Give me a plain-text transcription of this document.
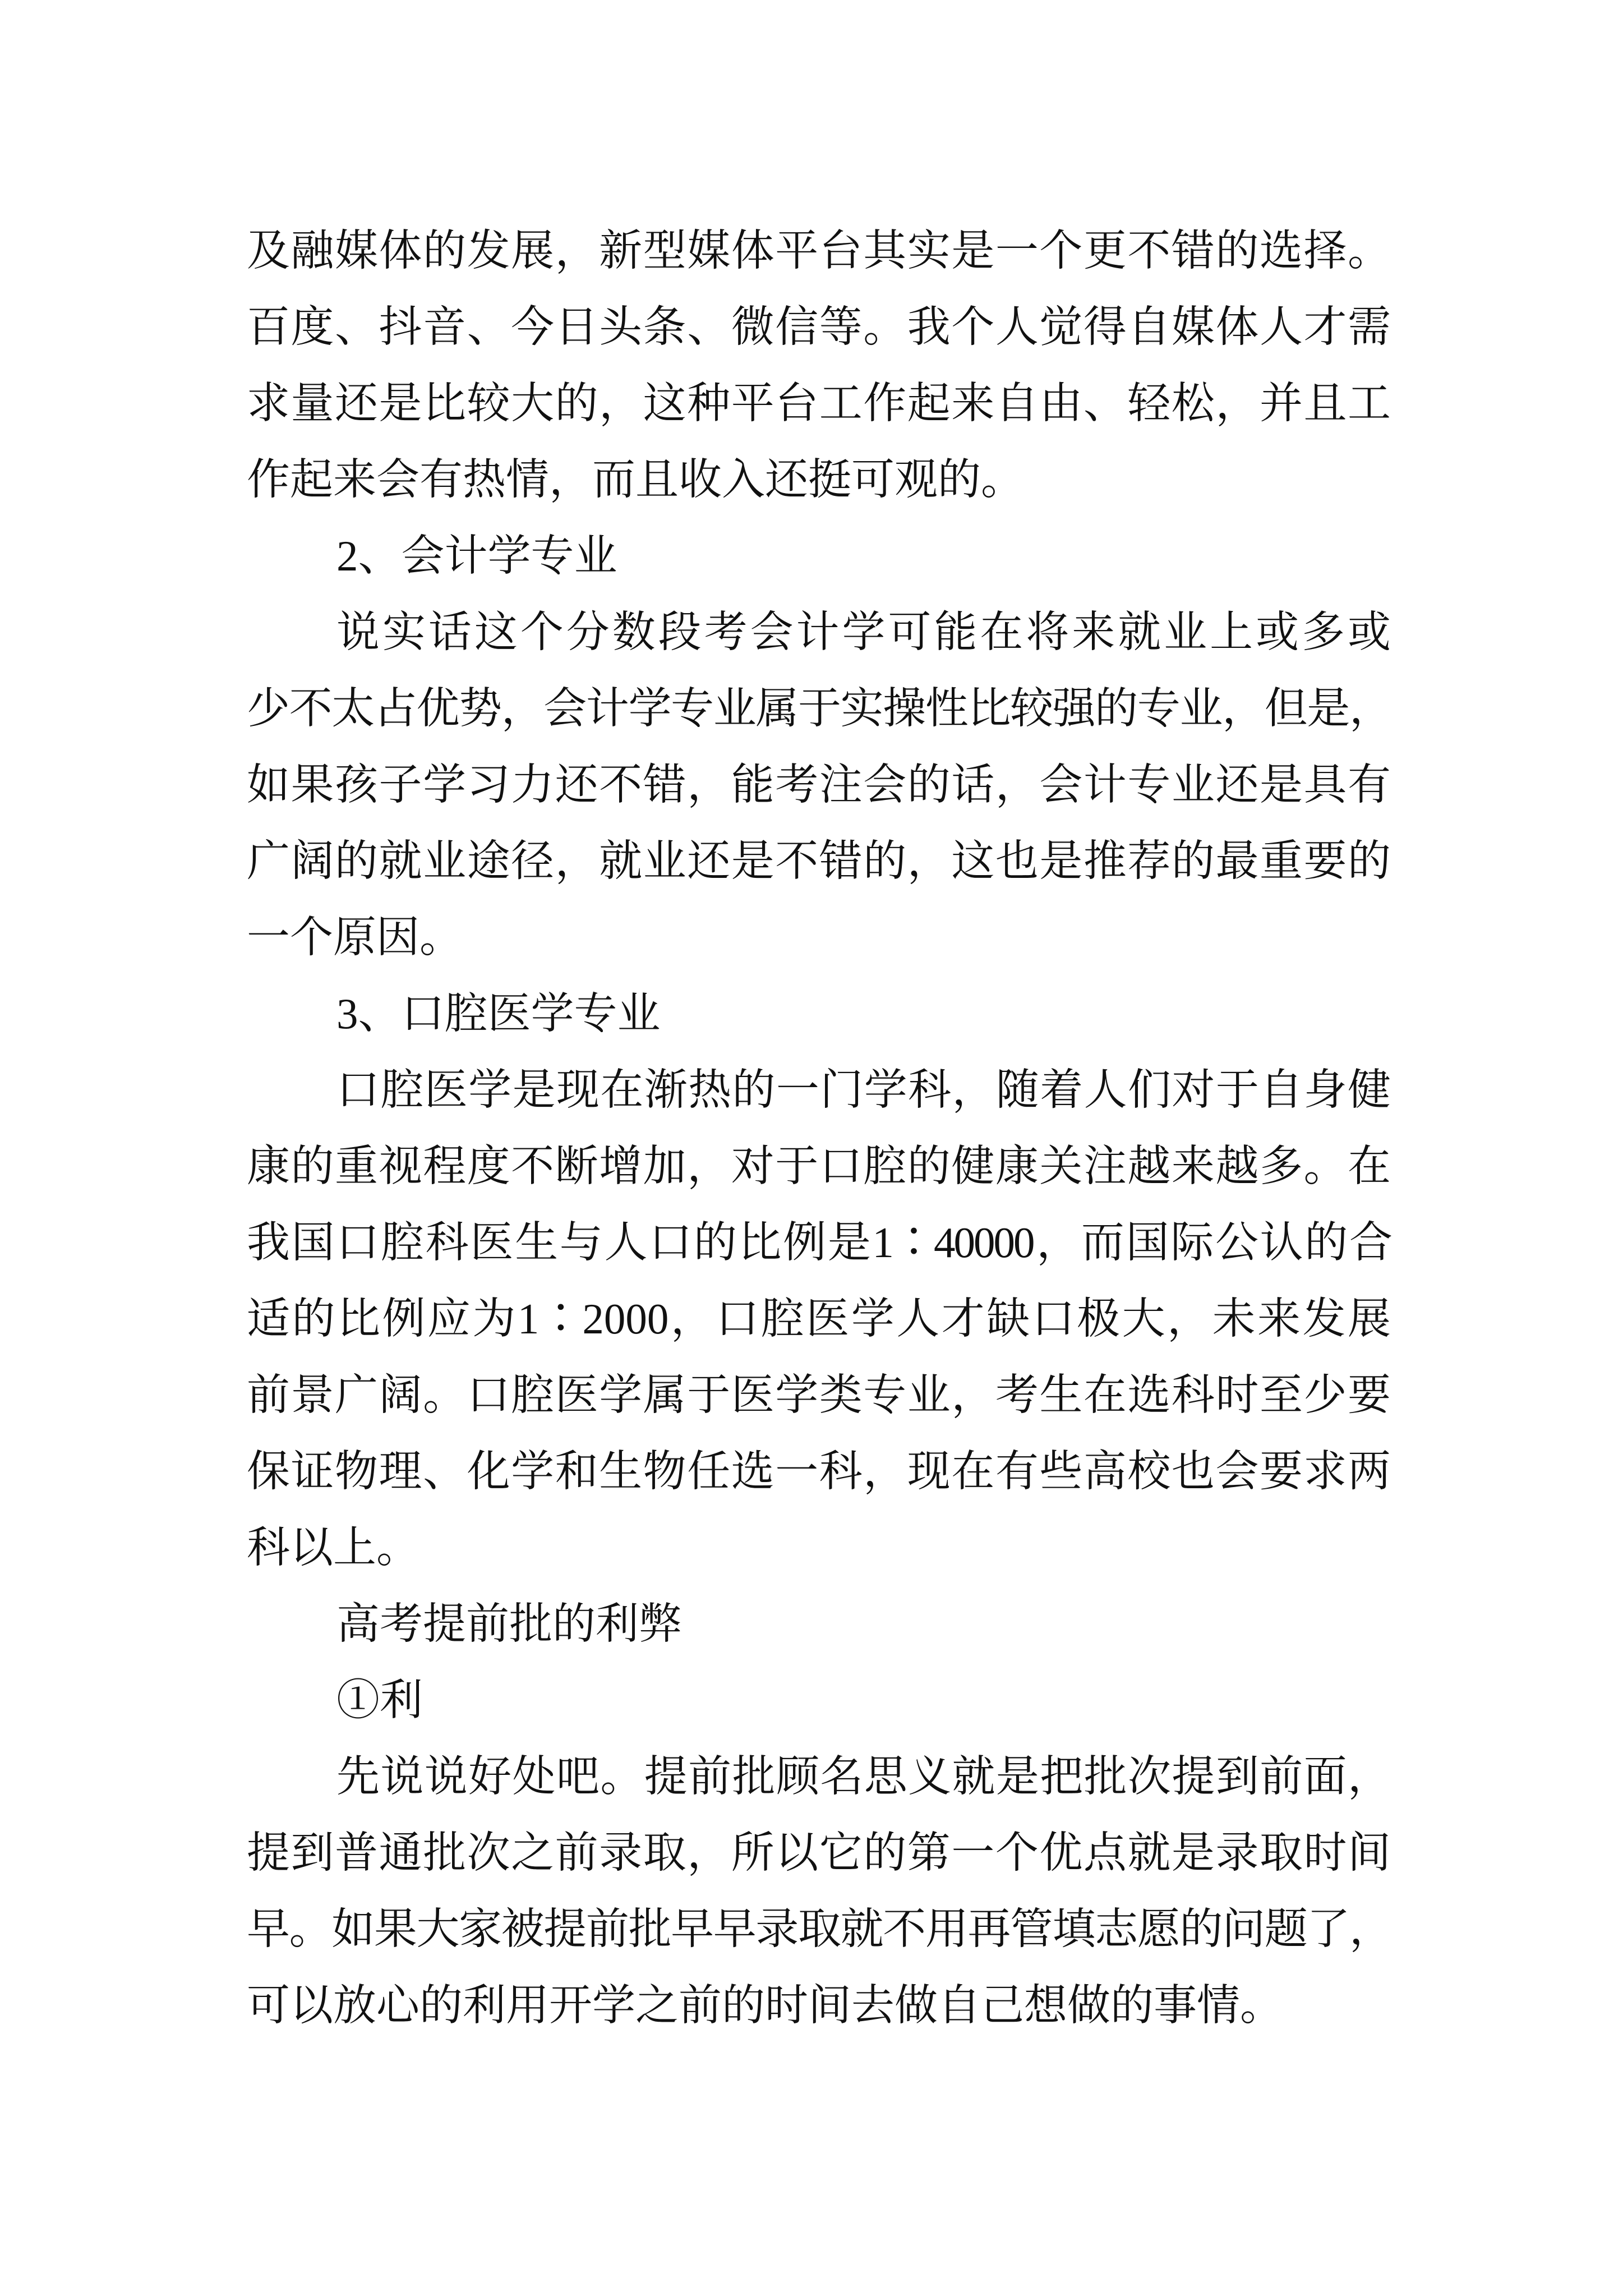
及融媒体的发展，新型媒体平台其实是一个更不错的选择。
百度、抖音、今日头条、微信等。我个人觉得自媒体人才需
求量还是比较大的，这种平台工作起来自由、轻松，并且工
作起来会有热情，而且收入还挺可观的。
2、会计学专业
说实话这个分数段考会计学可能在将来就业上或多或
少不太占优势，会计学专业属于实操性比较强的专业，但是，
如果孩子学习力还不错，能考注会的话，会计专业还是具有
广阔的就业途径，就业还是不错的，这也是推荐的最重要的
一个原因。
3、口腔医学专业
口腔医学是现在渐热的一门学科，随着人们对于自身健
康的重视程度不断增加，对于口腔的健康关注越来越多。在
我国口腔科医生与人口的比例是1∶40000，而国际公认的合
适的比例应为1∶2000，口腔医学人才缺口极大，未来发展
前景广阔。口腔医学属于医学类专业，考生在选科时至少要
保证物理、化学和生物任选一科，现在有些高校也会要求两
科以上。
高考提前批的利弊
①利
先说说好处吧。提前批顾名思义就是把批次提到前面，
提到普通批次之前录取，所以它的第一个优点就是录取时间
早。如果大家被提前批早早录取就不用再管填志愿的问题了，
可以放心的利用开学之前的时间去做自己想做的事情。
